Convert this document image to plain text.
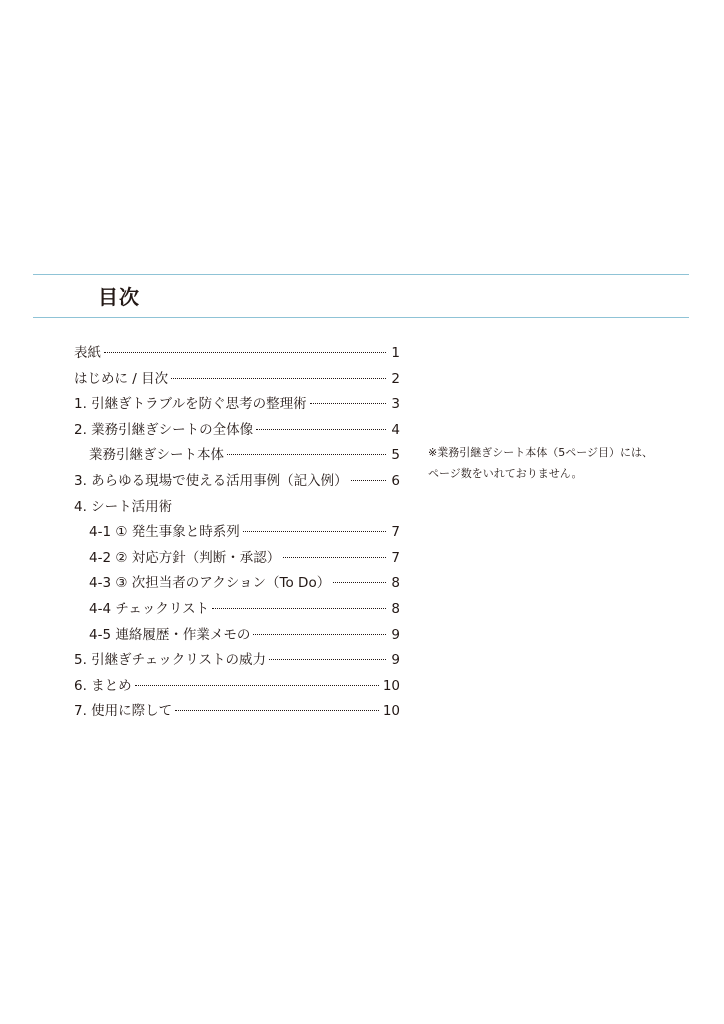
目次
表紙	1
はじめに / 目次	2
1. 引継ぎトラブルを防ぐ思考の整理術	3
2. 業務引継ぎシートの全体像	4
業務引継ぎシート本体	5
3. あらゆる現場で使える活用事例（記入例）	6
4. シート活用術
4-1 ① 発生事象と時系列	7
4-2 ② 対応方針（判断・承認）	7
4-3 ③ 次担当者のアクション（To Do）	8
4-4 チェックリスト	8
4-5 連絡履歴・作業メモの	9
5. 引継ぎチェックリストの威力	9
6. まとめ	10
7. 使用に際して	10
※業務引継ぎシート本体（5ページ目）には、
ページ数をいれておりません。
